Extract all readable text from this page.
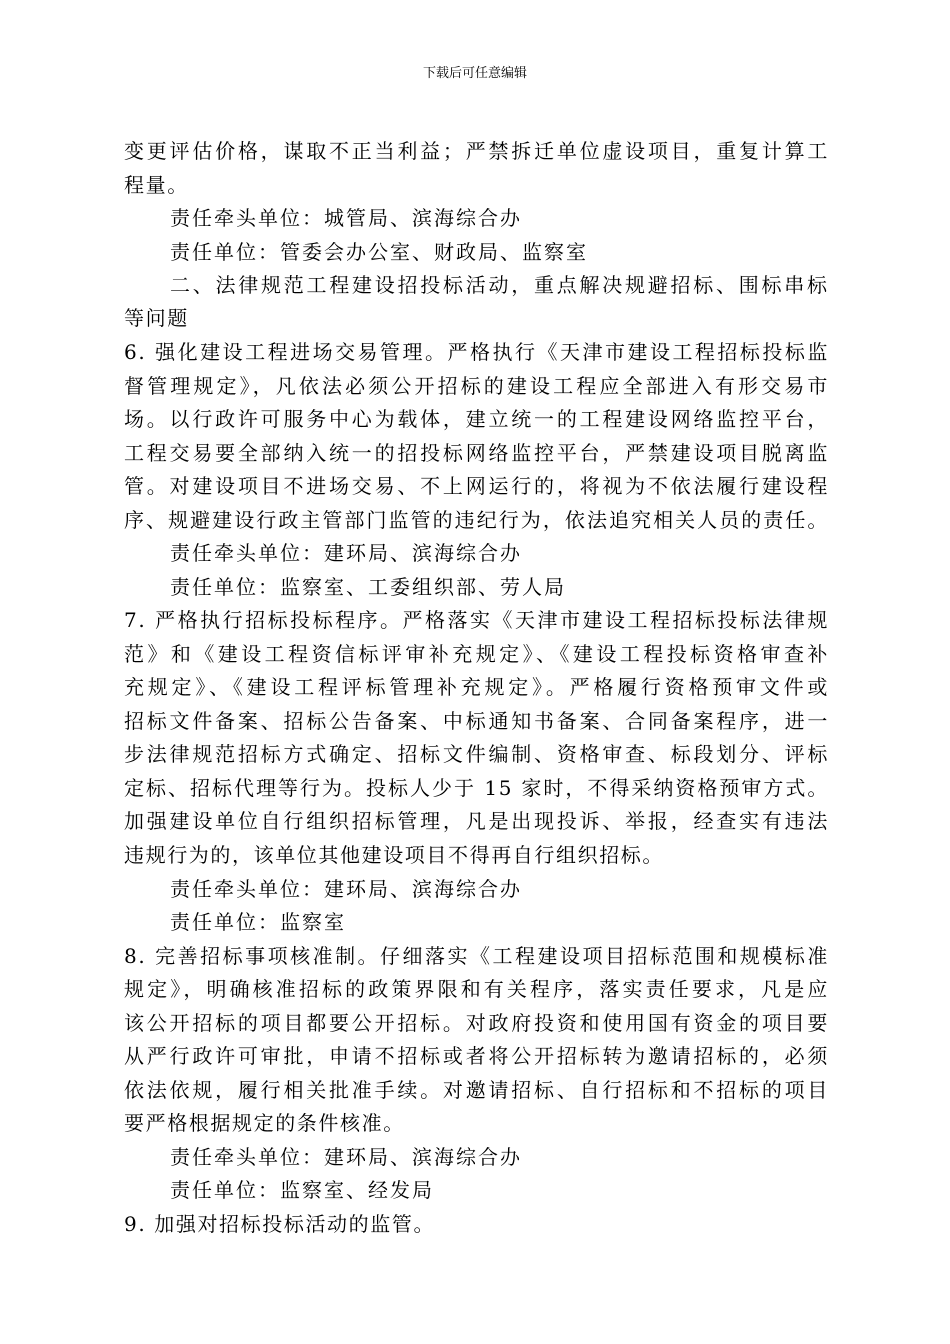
下载后可任意编辑
变更评估价格，谋取不正当利益；严禁拆迁单位虚设项目，重复计算工
程量。
责任牵头单位：城管局、滨海综合办
责任单位：管委会办公室、财政局、监察室
二、法律规范工程建设招投标活动，重点解决规避招标、围标串标
等问题
6. 强化建设工程进场交易管理。严格执行《天津市建设工程招标投标监
督管理规定》，凡依法必须公开招标的建设工程应全部进入有形交易市
场。以行政许可服务中心为载体，建立统一的工程建设网络监控平台，
工程交易要全部纳入统一的招投标网络监控平台，严禁建设项目脱离监
管。对建设项目不进场交易、不上网运行的，将视为不依法履行建设程
序、规避建设行政主管部门监管的违纪行为，依法追究相关人员的责任。
责任牵头单位：建环局、滨海综合办
责任单位：监察室、工委组织部、劳人局
7. 严格执行招标投标程序。严格落实《天津市建设工程招标投标法律规
范》和《建设工程资信标评审补充规定》、《建设工程投标资格审查补
充规定》、《建设工程评标管理补充规定》。严格履行资格预审文件或
招标文件备案、招标公告备案、中标通知书备案、合同备案程序，进一
步法律规范招标方式确定、招标文件编制、资格审查、标段划分、评标
定标、招标代理等行为。投标人少于 15 家时，不得采纳资格预审方式。
加强建设单位自行组织招标管理，凡是出现投诉、举报，经查实有违法
违规行为的，该单位其他建设项目不得再自行组织招标。
责任牵头单位：建环局、滨海综合办
责任单位：监察室
8. 完善招标事项核准制。仔细落实《工程建设项目招标范围和规模标准
规定》，明确核准招标的政策界限和有关程序，落实责任要求，凡是应
该公开招标的项目都要公开招标。对政府投资和使用国有资金的项目要
从严行政许可审批，申请不招标或者将公开招标转为邀请招标的，必须
依法依规，履行相关批准手续。对邀请招标、自行招标和不招标的项目
要严格根据规定的条件核准。
责任牵头单位：建环局、滨海综合办
责任单位：监察室、经发局
9. 加强对招标投标活动的监管。
